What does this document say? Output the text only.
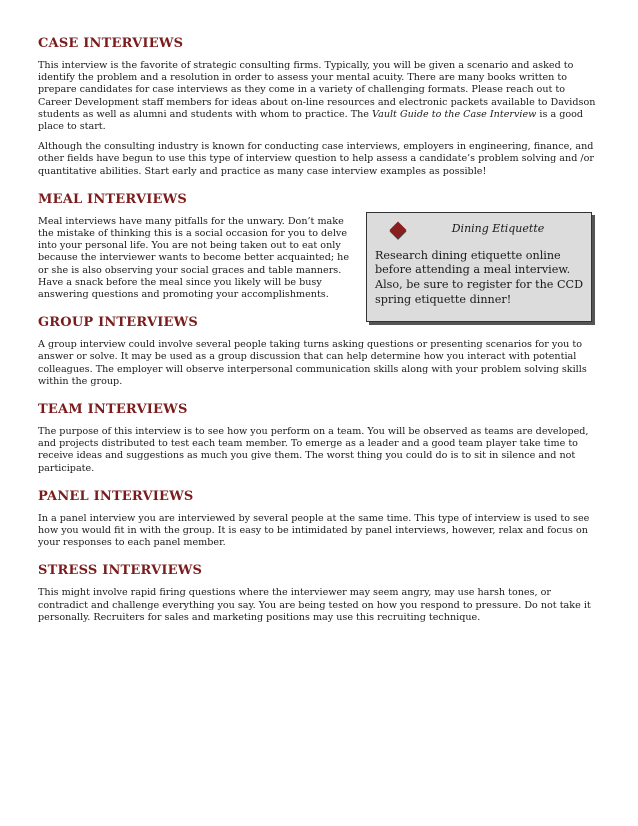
CASE INTERVIEWS

This interview is the favorite of strategic consulting firms. Typically, you will be given a scenario and asked to identify the problem and a resolution in order to assess your mental acuity. There are many books written to prepare candidates for case interviews as they come in a variety of challenging formats. Please reach out to Career Development staff members for ideas about on-line resources and electronic packets available to Davidson students as well as alumni and students with whom to practice. The Vault Guide to the Case Interview is a good place to start.

Although the consulting industry is known for conducting case interviews, employers in engineering, finance, and other fields have begun to use this type of interview question to help assess a candidate’s problem solving and /or quantitative abilities. Start early and practice as many case interview examples as possible!

MEAL INTERVIEWS

Meal interviews have many pitfalls for the unwary. Don’t make the mistake of thinking this is a social occasion for you to delve into your personal life. You are not being taken out to eat only because the interviewer wants to become better acquainted; he or she is also observing your social graces and table manners. Have a snack before the meal since you likely will be busy answering questions and promoting your accomplishments.

Dining Etiquette
Research dining etiquette online before attending a meal interview. Also, be sure to register for the CCD spring etiquette dinner!
GROUP INTERVIEWS

A group interview could involve several people taking turns asking questions or presenting scenarios for you to answer or solve. It may be used as a group discussion that can help determine how you interact with potential colleagues. The employer will observe interpersonal communication skills along with your problem solving skills within the group.

TEAM INTERVIEWS

The purpose of this interview is to see how you perform on a team. You will be observed as teams are developed, and projects distributed to test each team member. To emerge as a leader and a good team player take time to receive ideas and suggestions as much you give them. The worst thing you could do is to sit in silence and not participate.

PANEL INTERVIEWS

In a panel interview you are interviewed by several people at the same time. This type of interview is used to see how you would fit in with the group. It is easy to be intimidated by panel interviews, however, relax and focus on your responses to each panel member.

STRESS INTERVIEWS

This might involve rapid firing questions where the interviewer may seem angry, may use harsh tones, or contradict and challenge everything you say. You are being tested on how you respond to pressure. Do not take it personally. Recruiters for sales and marketing positions may use this recruiting technique.
